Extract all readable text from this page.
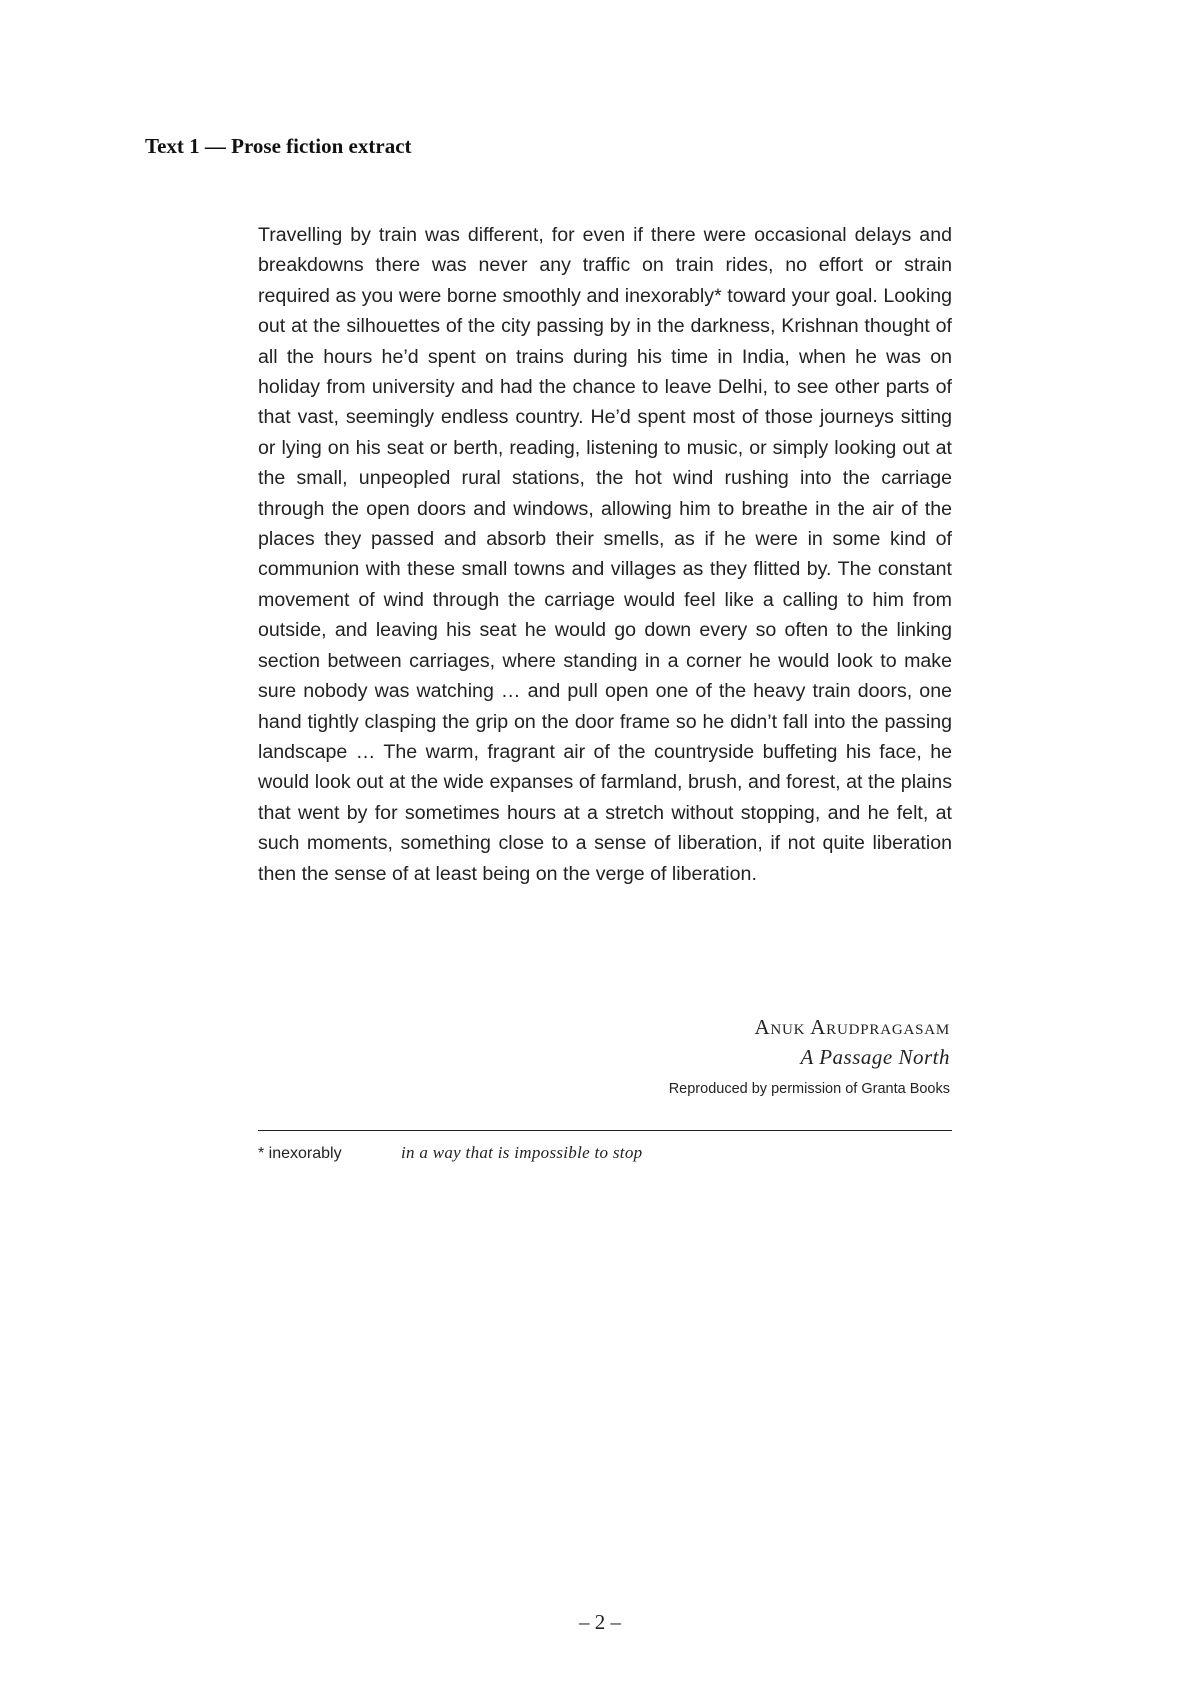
Text 1 — Prose fiction extract

Travelling by train was different, for even if there were occasional delays and breakdowns there was never any traffic on train rides, no effort or strain required as you were borne smoothly and inexorably* toward your goal. Looking out at the silhouettes of the city passing by in the darkness, Krishnan thought of all the hours he’d spent on trains during his time in India, when he was on holiday from university and had the chance to leave Delhi, to see other parts of that vast, seemingly endless country. He’d spent most of those journeys sitting or lying on his seat or berth, reading, listening to music, or simply looking out at the small, unpeopled rural stations, the hot wind rushing into the carriage through the open doors and windows, allowing him to breathe in the air of the places they passed and absorb their smells, as if he were in some kind of communion with these small towns and villages as they flitted by. The constant movement of wind through the carriage would feel like a calling to him from outside, and leaving his seat he would go down every so often to the linking section between carriages, where standing in a corner he would look to make sure nobody was watching … and pull open one of the heavy train doors, one hand tightly clasping the grip on the door frame so he didn’t fall into the passing landscape … The warm, fragrant air of the countryside buffeting his face, he would look out at the wide expanses of farmland, brush, and forest, at the plains that went by for sometimes hours at a stretch without stopping, and he felt, at such moments, something close to a sense of liberation, if not quite liberation then the sense of at least being on the verge of liberation.

Anuk Arudpragasam
A Passage North
Reproduced by permission of Granta Books
* inexorably	in a way that is impossible to stop
– 2 –
